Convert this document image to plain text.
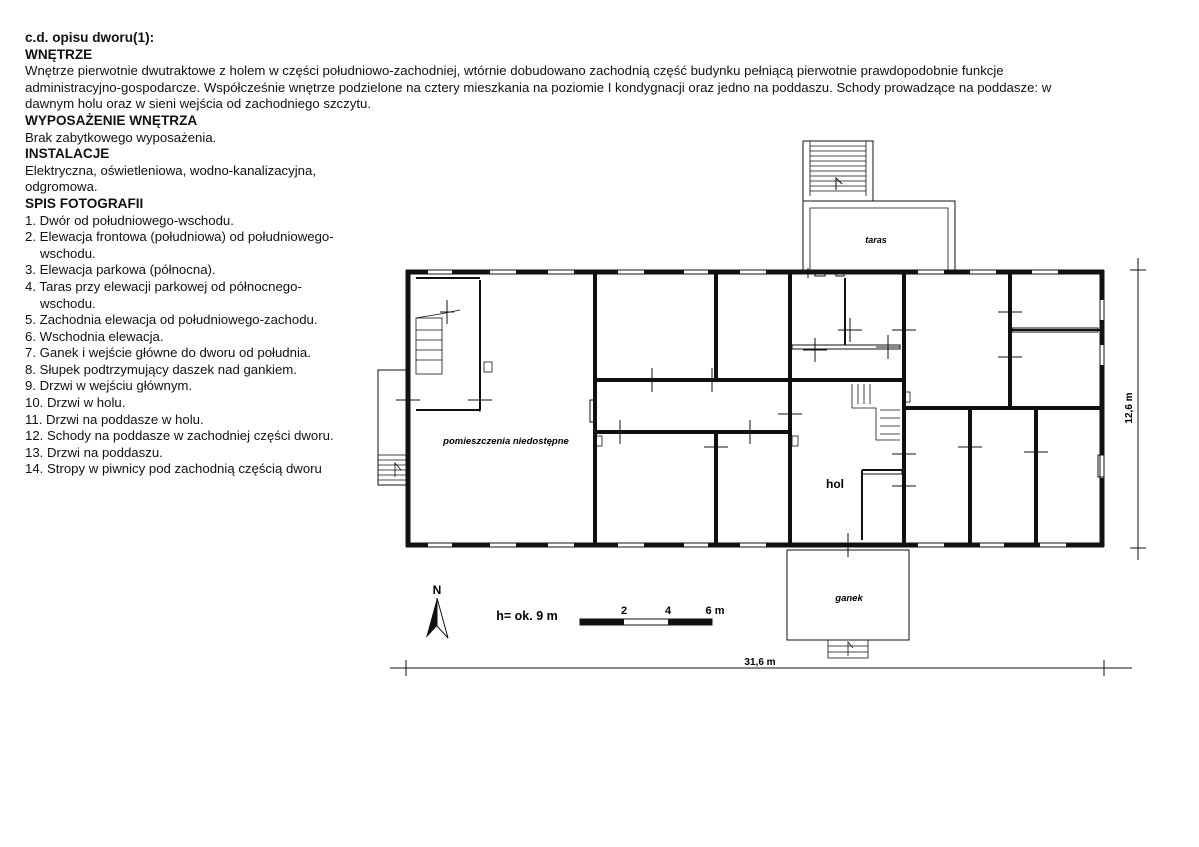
c.d. opisu dworu(1):

WNĘTRZE

Wnętrze pierwotnie dwutraktowe z holem w części południowo-zachodniej, wtórnie dobudowano zachodnią część budynku pełniącą pierwotnie prawdopodobnie funkcje

administracyjno-gospodarcze. Współcześnie wnętrze podzielone na cztery mieszkania na poziomie I kondygnacji oraz jedno na poddaszu. Schody prowadzące na poddasze: w

dawnym holu oraz w sieni wejścia od zachodniego szczytu.

WYPOSAŻENIE WNĘTRZA

Brak zabytkowego wyposażenia.

INSTALACJE

Elektryczna, oświetleniowa, wodno-kanalizacyjna,

odgromowa.

SPIS FOTOGRAFII

1. Dwór od południowego-wschodu.
2. Elewacja frontowa (południowa) od południowego-
wschodu.
3. Elewacja parkowa (północna).
4. Taras przy elewacji parkowej od północnego-
wschodu.
5. Zachodnia elewacja od południowego-zachodu.
6. Wschodnia elewacja.
7. Ganek i wejście główne do dworu od południa.
8. Słupek podtrzymujący daszek nad gankiem.
9. Drzwi w wejściu głównym.
10. Drzwi w holu.
11. Drzwi na poddasze w holu.
12. Schody na poddasze w zachodniej części dworu.
13. Drzwi na poddaszu.
14. Stropy w piwnicy pod zachodnią częścią dworu
2	4	6 m
N
taras
pomieszczenia niedostępne
hol
ganek
h= ok. 9 m
31,6 m
12,6 m
